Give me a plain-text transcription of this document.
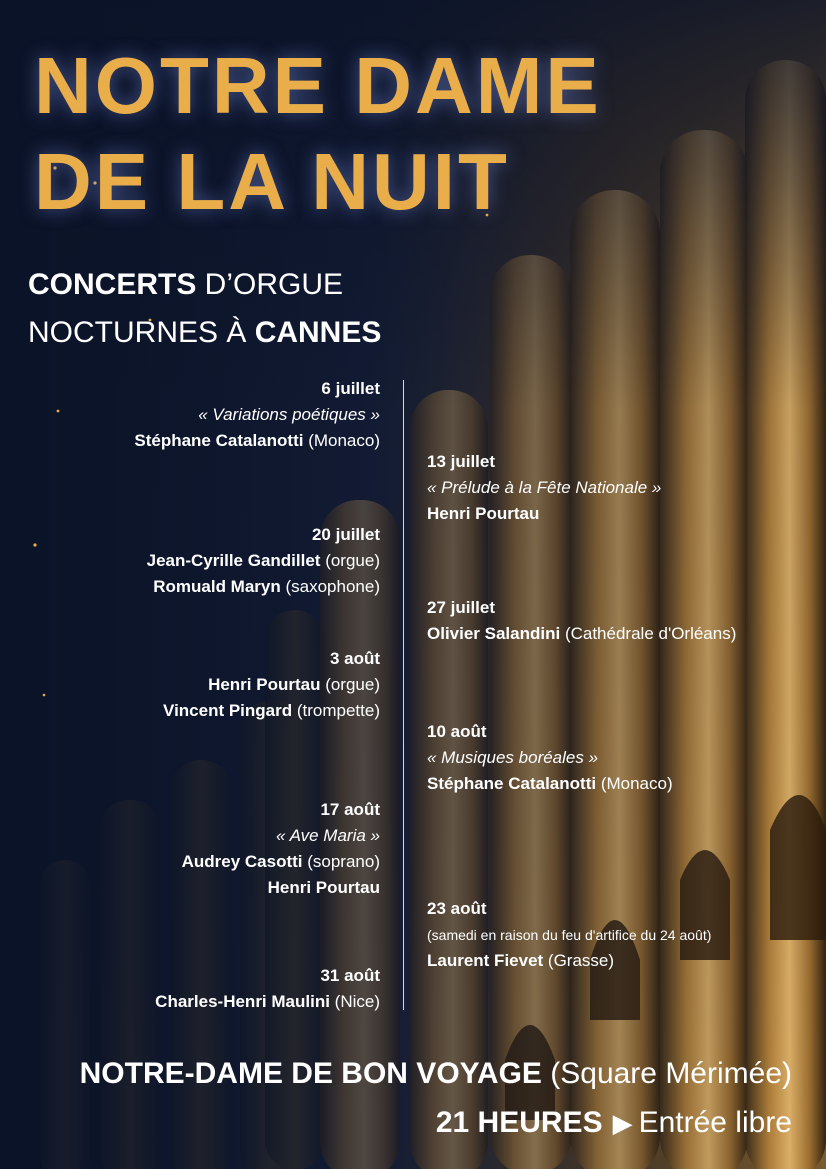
NOTRE DAME
DE LA NUIT
CONCERTS D’ORGUE
NOCTURNES À CANNES
6 juillet
« Variations poétiques »
Stéphane Catalanotti (Monaco)
20 juillet
Jean-Cyrille Gandillet (orgue)
Romuald Maryn (saxophone)
3 août
Henri Pourtau (orgue)
Vincent Pingard (trompette)
17 août
« Ave Maria »
Audrey Casotti (soprano)
Henri Pourtau
31 août
Charles-Henri Maulini (Nice)
13 juillet
« Prélude à la Fête Nationale »
Henri Pourtau
27 juillet
Olivier Salandini (Cathédrale d'Orléans)
10 août
« Musiques boréales »
Stéphane Catalanotti (Monaco)
23 août
(samedi en raison du feu d'artifice du 24 août)
Laurent Fievet (Grasse)
NOTRE-DAME DE BON VOYAGE (Square Mérimée)
21 HEURES ▶ Entrée libre
